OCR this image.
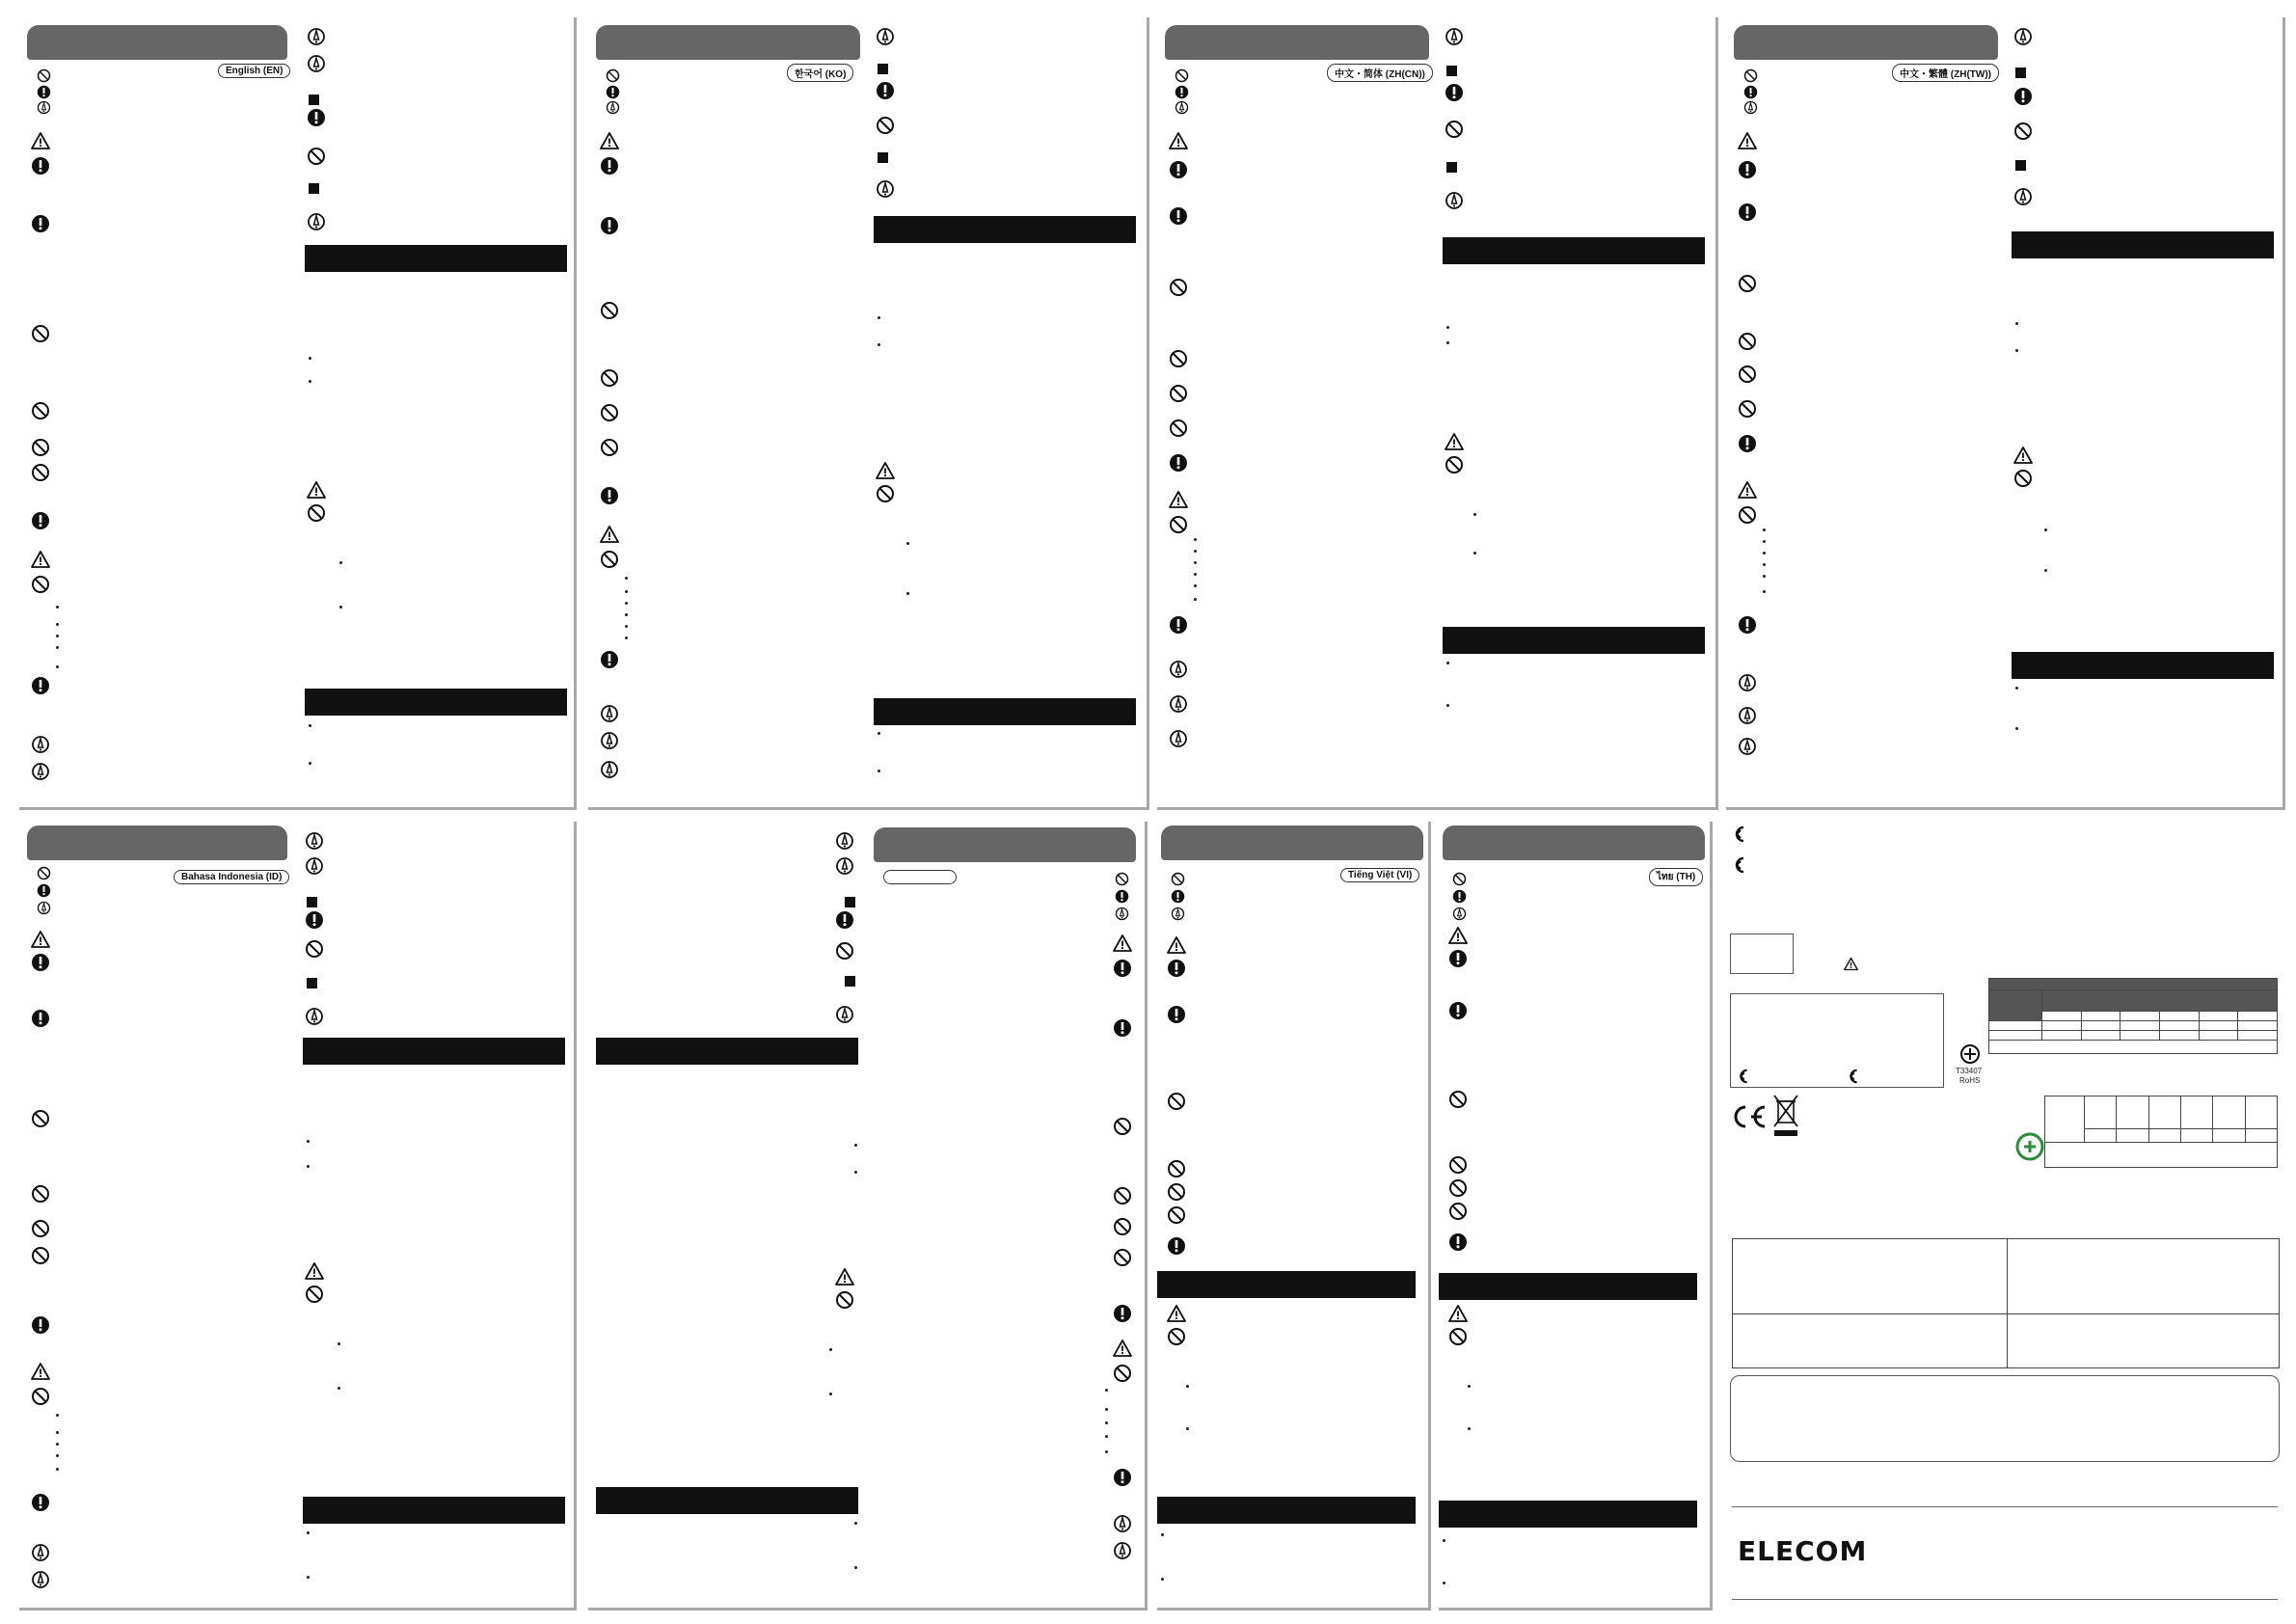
English (EN)	한국어 (KO)	中文・简体 (ZH(CN))	中文・繁體 (ZH(TW))
Bahasa Indonesia (ID)	Tiếng Việt (VI)	ไทย (TH)
T33407
RoHS

ELECOM
